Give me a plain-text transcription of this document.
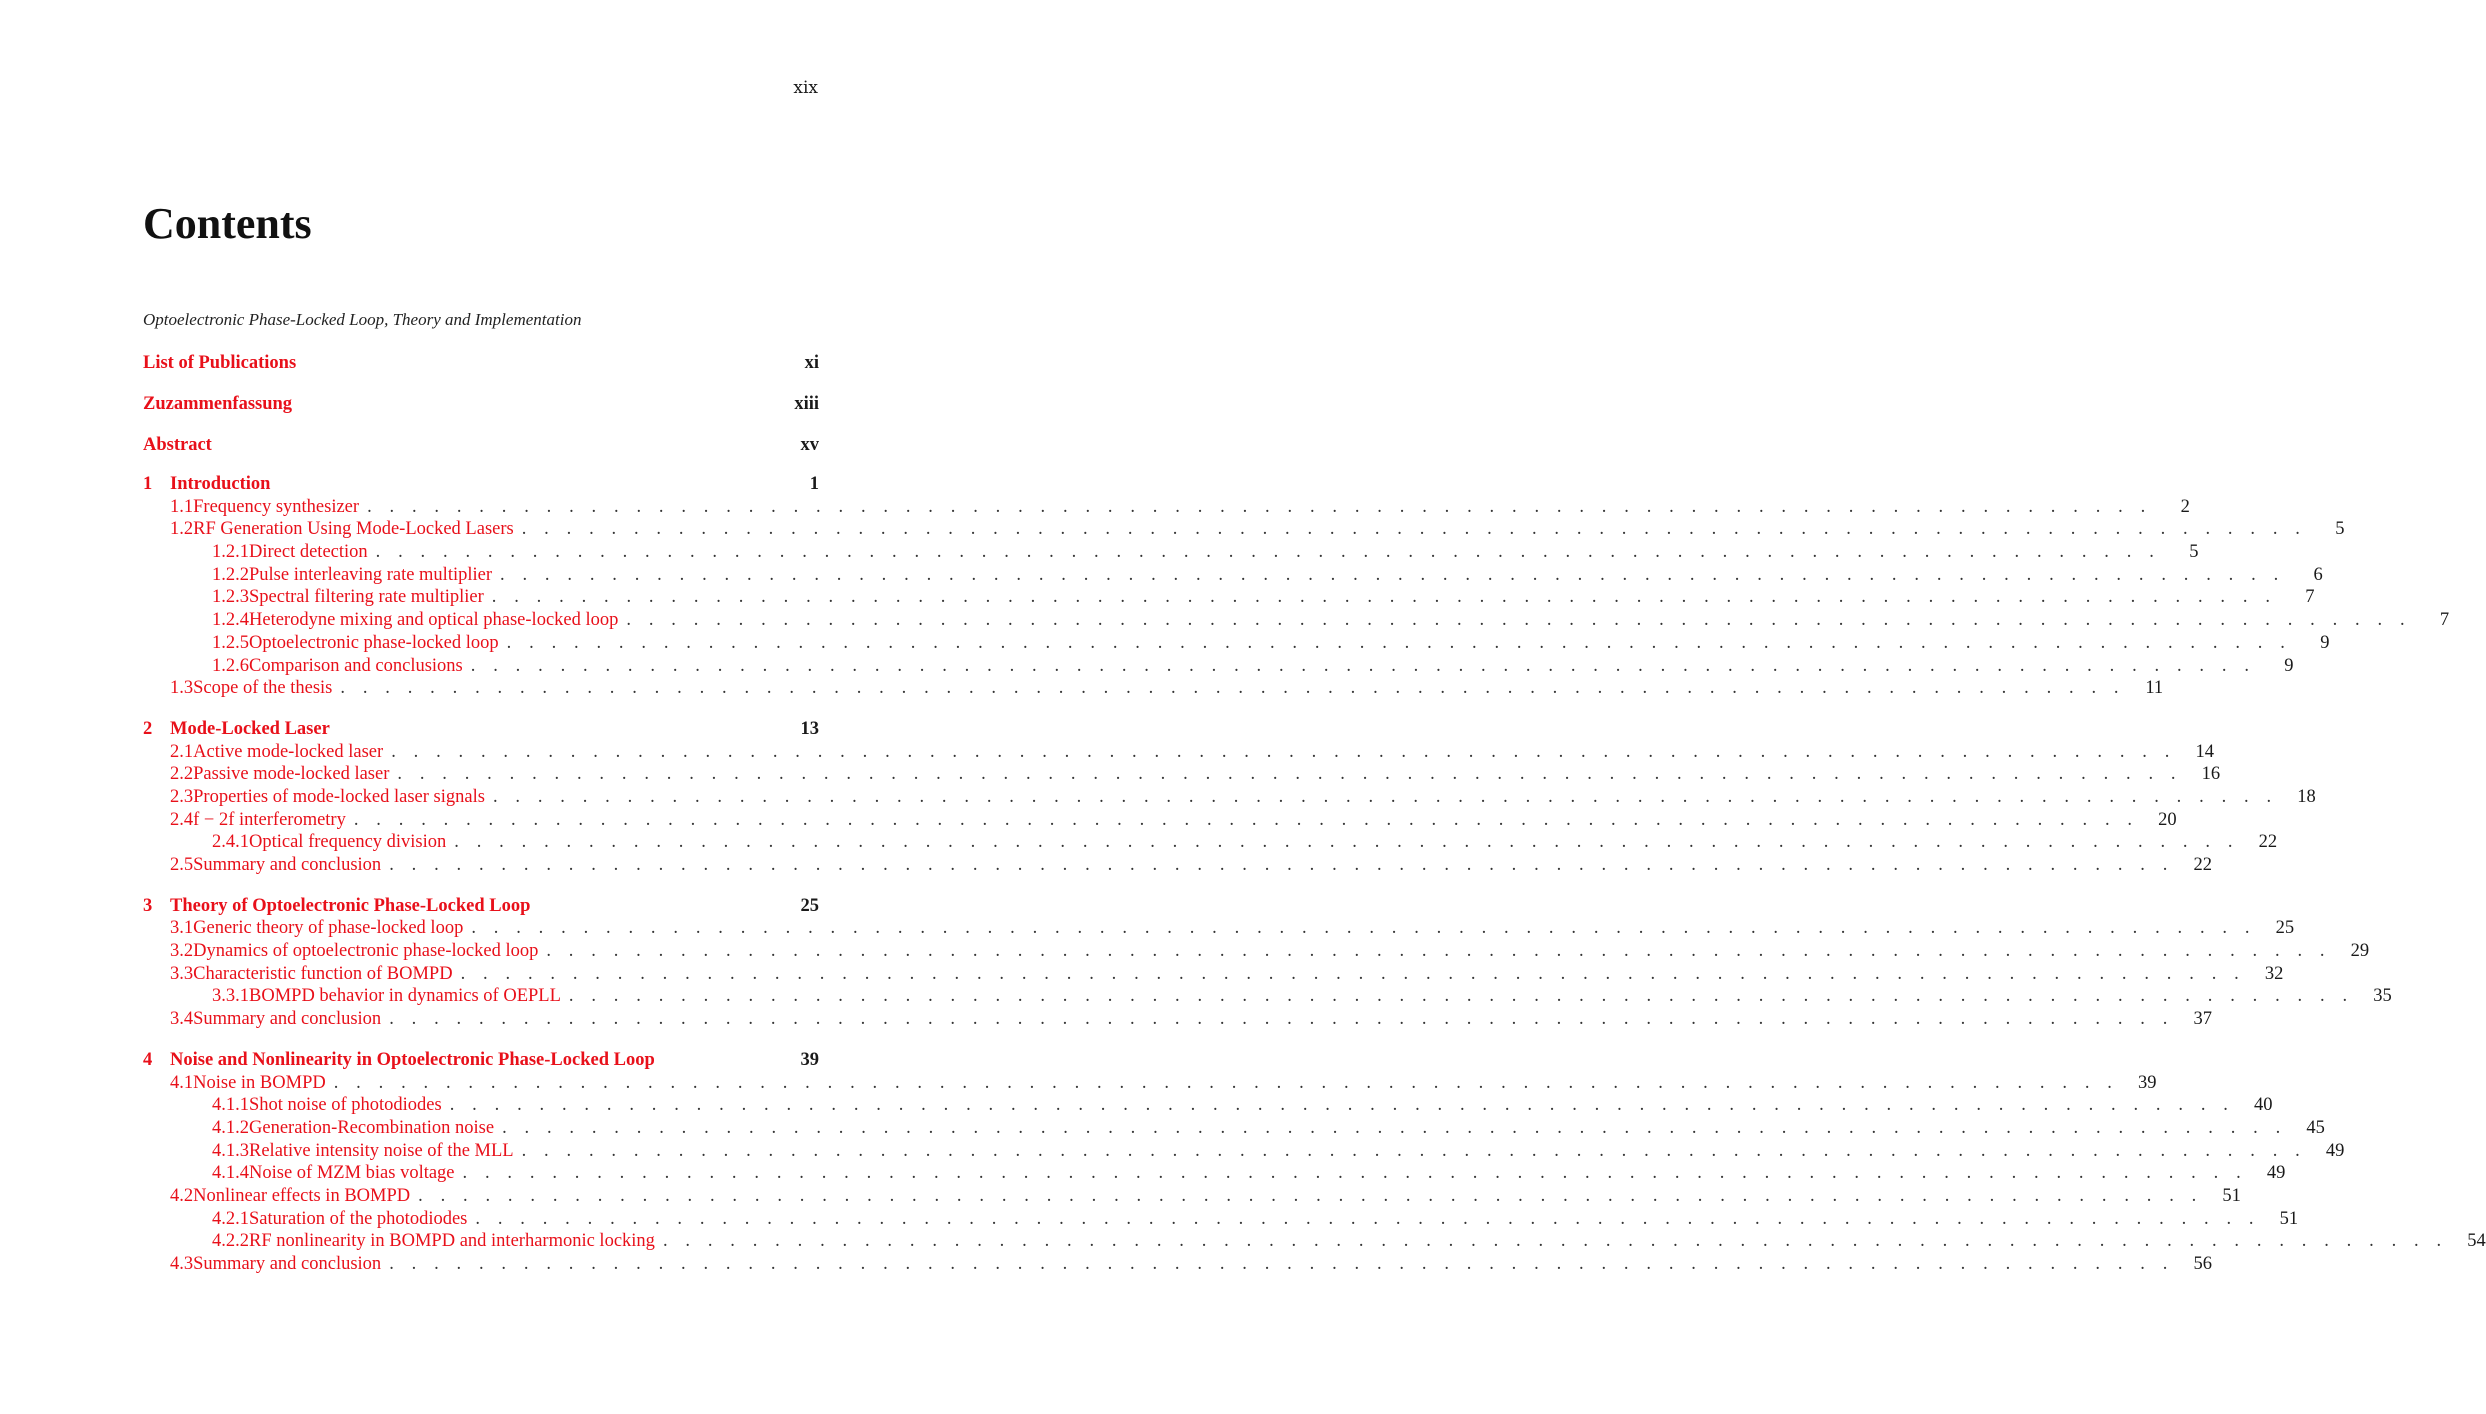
xix
Contents
Optoelectronic Phase-Locked Loop, Theory and Implementation
List of Publications	xi
Zuzammenfassung	xiii
Abstract	xv
1 Introduction	1
1.1 Frequency synthesizer . . . . . . . . . . . . . . . . . . . . . . . . . . . . . . . . . . . . . . . . . . . . . . . . . . . . . . . . . . . . . . . . . . . . . . . . . . . . . . . .	2
1.2 RF Generation Using Mode-Locked Lasers . . . . . . . . . . . . . . . . . . . . . . . . . . . . . . . . . . . . . . . . . . . . . . . . . . . . . . . . . . . . . . . . . . . . . . . . . . . . . . . .	5
1.2.1 Direct detection . . . . . . . . . . . . . . . . . . . . . . . . . . . . . . . . . . . . . . . . . . . . . . . . . . . . . . . . . . . . . . . . . . . . . . . . . . . . . . . .	5
1.2.2 Pulse interleaving rate multiplier . . . . . . . . . . . . . . . . . . . . . . . . . . . . . . . . . . . . . . . . . . . . . . . . . . . . . . . . . . . . . . . . . . . . . . . . . . . . . . . .	6
1.2.3 Spectral filtering rate multiplier . . . . . . . . . . . . . . . . . . . . . . . . . . . . . . . . . . . . . . . . . . . . . . . . . . . . . . . . . . . . . . . . . . . . . . . . . . . . . . . .	7
1.2.4 Heterodyne mixing and optical phase-locked loop . . . . . . . . . . . . . . . . . . . . . . . . . . . . . . . . . . . . . . . . . . . . . . . . . . . . . . . . . . . . . . . . . . . . . . . . . . . . . . . .	7
1.2.5 Optoelectronic phase-locked loop . . . . . . . . . . . . . . . . . . . . . . . . . . . . . . . . . . . . . . . . . . . . . . . . . . . . . . . . . . . . . . . . . . . . . . . . . . . . . . . .	9
1.2.6 Comparison and conclusions . . . . . . . . . . . . . . . . . . . . . . . . . . . . . . . . . . . . . . . . . . . . . . . . . . . . . . . . . . . . . . . . . . . . . . . . . . . . . . . .	9
1.3 Scope of the thesis . . . . . . . . . . . . . . . . . . . . . . . . . . . . . . . . . . . . . . . . . . . . . . . . . . . . . . . . . . . . . . . . . . . . . . . . . . . . . . . .	11
2 Mode-Locked Laser	13
2.1 Active mode-locked laser . . . . . . . . . . . . . . . . . . . . . . . . . . . . . . . . . . . . . . . . . . . . . . . . . . . . . . . . . . . . . . . . . . . . . . . . . . . . . . . .	14
2.2 Passive mode-locked laser . . . . . . . . . . . . . . . . . . . . . . . . . . . . . . . . . . . . . . . . . . . . . . . . . . . . . . . . . . . . . . . . . . . . . . . . . . . . . . . .	16
2.3 Properties of mode-locked laser signals . . . . . . . . . . . . . . . . . . . . . . . . . . . . . . . . . . . . . . . . . . . . . . . . . . . . . . . . . . . . . . . . . . . . . . . . . . . . . . . .	18
2.4 f − 2f interferometry . . . . . . . . . . . . . . . . . . . . . . . . . . . . . . . . . . . . . . . . . . . . . . . . . . . . . . . . . . . . . . . . . . . . . . . . . . . . . . . .	20
2.4.1 Optical frequency division . . . . . . . . . . . . . . . . . . . . . . . . . . . . . . . . . . . . . . . . . . . . . . . . . . . . . . . . . . . . . . . . . . . . . . . . . . . . . . . .	22
2.5 Summary and conclusion . . . . . . . . . . . . . . . . . . . . . . . . . . . . . . . . . . . . . . . . . . . . . . . . . . . . . . . . . . . . . . . . . . . . . . . . . . . . . . . .	22
3 Theory of Optoelectronic Phase-Locked Loop	25
3.1 Generic theory of phase-locked loop . . . . . . . . . . . . . . . . . . . . . . . . . . . . . . . . . . . . . . . . . . . . . . . . . . . . . . . . . . . . . . . . . . . . . . . . . . . . . . . .	25
3.2 Dynamics of optoelectronic phase-locked loop . . . . . . . . . . . . . . . . . . . . . . . . . . . . . . . . . . . . . . . . . . . . . . . . . . . . . . . . . . . . . . . . . . . . . . . . . . . . . . . .	29
3.3 Characteristic function of BOMPD . . . . . . . . . . . . . . . . . . . . . . . . . . . . . . . . . . . . . . . . . . . . . . . . . . . . . . . . . . . . . . . . . . . . . . . . . . . . . . . .	32
3.3.1 BOMPD behavior in dynamics of OEPLL . . . . . . . . . . . . . . . . . . . . . . . . . . . . . . . . . . . . . . . . . . . . . . . . . . . . . . . . . . . . . . . . . . . . . . . . . . . . . . . .	35
3.4 Summary and conclusion . . . . . . . . . . . . . . . . . . . . . . . . . . . . . . . . . . . . . . . . . . . . . . . . . . . . . . . . . . . . . . . . . . . . . . . . . . . . . . . .	37
4 Noise and Nonlinearity in Optoelectronic Phase-Locked Loop	39
4.1 Noise in BOMPD . . . . . . . . . . . . . . . . . . . . . . . . . . . . . . . . . . . . . . . . . . . . . . . . . . . . . . . . . . . . . . . . . . . . . . . . . . . . . . . .	39
4.1.1 Shot noise of photodiodes . . . . . . . . . . . . . . . . . . . . . . . . . . . . . . . . . . . . . . . . . . . . . . . . . . . . . . . . . . . . . . . . . . . . . . . . . . . . . . . .	40
4.1.2 Generation-Recombination noise . . . . . . . . . . . . . . . . . . . . . . . . . . . . . . . . . . . . . . . . . . . . . . . . . . . . . . . . . . . . . . . . . . . . . . . . . . . . . . . .	45
4.1.3 Relative intensity noise of the MLL . . . . . . . . . . . . . . . . . . . . . . . . . . . . . . . . . . . . . . . . . . . . . . . . . . . . . . . . . . . . . . . . . . . . . . . . . . . . . . . .	49
4.1.4 Noise of MZM bias voltage . . . . . . . . . . . . . . . . . . . . . . . . . . . . . . . . . . . . . . . . . . . . . . . . . . . . . . . . . . . . . . . . . . . . . . . . . . . . . . . .	49
4.2 Nonlinear effects in BOMPD . . . . . . . . . . . . . . . . . . . . . . . . . . . . . . . . . . . . . . . . . . . . . . . . . . . . . . . . . . . . . . . . . . . . . . . . . . . . . . . .	51
4.2.1 Saturation of the photodiodes . . . . . . . . . . . . . . . . . . . . . . . . . . . . . . . . . . . . . . . . . . . . . . . . . . . . . . . . . . . . . . . . . . . . . . . . . . . . . . . .	51
4.2.2 RF nonlinearity in BOMPD and interharmonic locking . . . . . . . . . . . . . . . . . . . . . . . . . . . . . . . . . . . . . . . . . . . . . . . . . . . . . . . . . . . . . . . . . . . . . . . . . . . . . . . .	54
4.3 Summary and conclusion . . . . . . . . . . . . . . . . . . . . . . . . . . . . . . . . . . . . . . . . . . . . . . . . . . . . . . . . . . . . . . . . . . . . . . . . . . . . . . . .	56
